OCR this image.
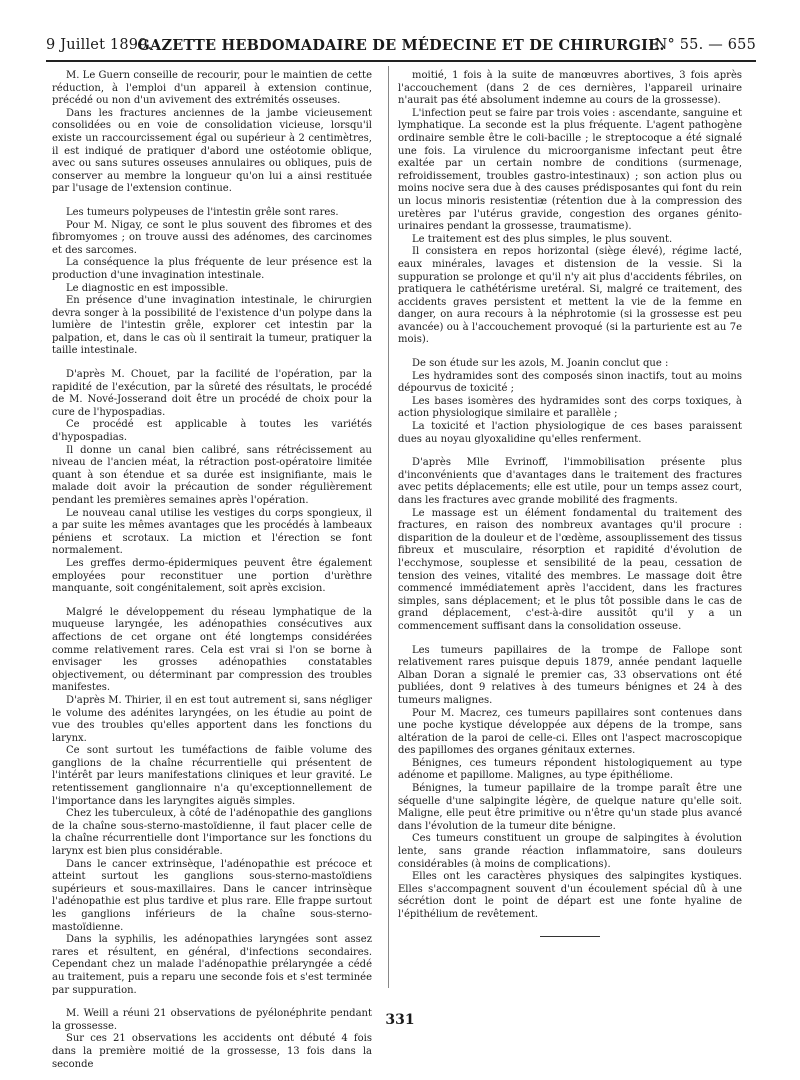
9 Juillet 1899.
GAZETTE HEBDOMADAIRE DE MÉDECINE ET DE CHIRURGIE.
N° 55. — 655

M. Le Guern conseille de recourir, pour le maintien de cette réduction, à l'emploi d'un appareil à extension continue, précédé ou non d'un avivement des extrémités osseuses.

Dans les fractures anciennes de la jambe vicieusement consolidées ou en voie de consolidation vicieuse, lorsqu'il existe un raccourcissement égal ou supérieur à 2 centimètres, il est indiqué de pratiquer d'abord une ostéotomie oblique, avec ou sans sutures osseuses annulaires ou obliques, puis de conserver au membre la longueur qu'on lui a ainsi restituée par l'usage de l'extension continue.

Les tumeurs polypeuses de l'intestin grêle sont rares.

Pour M. Nigay, ce sont le plus souvent des fibromes et des fibromyomes ; on trouve aussi des adénomes, des carcinomes et des sarcomes.

La conséquence la plus fréquente de leur présence est la production d'une invagination intestinale.

Le diagnostic en est impossible.

En présence d'une invagination intestinale, le chirurgien devra songer à la possibilité de l'existence d'un polype dans la lumière de l'intestin grêle, explorer cet intestin par la palpation, et, dans le cas où il sentirait la tumeur, pratiquer la taille intestinale.

D'après M. Chouet, par la facilité de l'opération, par la rapidité de l'exécution, par la sûreté des résultats, le procédé de M. Nové-Josserand doit être un procédé de choix pour la cure de l'hypospadias.

Ce procédé est applicable à toutes les variétés d'hypospadias.

Il donne un canal bien calibré, sans rétrécissement au niveau de l'ancien méat, la rétraction post-opératoire limitée quant à son étendue et sa durée est insignifiante, mais le malade doit avoir la précaution de sonder régulièrement pendant les premières semaines après l'opération.

Le nouveau canal utilise les vestiges du corps spongieux, il a par suite les mêmes avantages que les procédés à lambeaux péniens et scrotaux. La miction et l'érection se font normalement.

Les greffes dermo-épidermiques peuvent être également employées pour reconstituer une portion d'urèthre manquante, soit congénitalement, soit après excision.

Malgré le développement du réseau lymphatique de la muqueuse laryngée, les adénopathies consécutives aux affections de cet organe ont été longtemps considérées comme relativement rares. Cela est vrai si l'on se borne à envisager les grosses adénopathies constatables objectivement, ou déterminant par compression des troubles manifestes.

D'après M. Thirier, il en est tout autrement si, sans négliger le volume des adénites laryngées, on les étudie au point de vue des troubles qu'elles apportent dans les fonctions du larynx.

Ce sont surtout les tuméfactions de faible volume des ganglions de la chaîne récurrentielle qui présentent de l'intérêt par leurs manifestations cliniques et leur gravité. Le retentissement ganglionnaire n'a qu'exceptionnellement de l'importance dans les laryngites aiguës simples.

Chez les tuberculeux, à côté de l'adénopathie des ganglions de la chaîne sous-sterno-mastoïdienne, il faut placer celle de la chaîne récurrentielle dont l'importance sur les fonctions du larynx est bien plus considérable.

Dans le cancer extrinsèque, l'adénopathie est précoce et atteint surtout les ganglions sous-sterno-mastoïdiens supérieurs et sous-maxillaires. Dans le cancer intrinsèque l'adénopathie est plus tardive et plus rare. Elle frappe surtout les ganglions inférieurs de la chaîne sous-sterno-mastoïdienne.

Dans la syphilis, les adénopathies laryngées sont assez rares et résultent, en général, d'infections secondaires. Cependant chez un malade l'adénopathie prélaryngée a cédé au traitement, puis a reparu une seconde fois et s'est terminée par suppuration.

M. Weill a réuni 21 observations de pyélonéphrite pendant la grossesse.

Sur ces 21 observations les accidents ont débuté 4 fois dans la première moitié de la grossesse, 13 fois dans la seconde

moitié, 1 fois à la suite de manœuvres abortives, 3 fois après l'accouchement (dans 2 de ces dernières, l'appareil urinaire n'aurait pas été absolument indemne au cours de la grossesse).

L'infection peut se faire par trois voies : ascendante, sanguine et lymphatique. La seconde est la plus fréquente. L'agent pathogène ordinaire semble être le coli-bacille ; le streptocoque a été signalé une fois. La virulence du microorganisme infectant peut être exaltée par un certain nombre de conditions (surmenage, refroidissement, troubles gastro-intestinaux) ; son action plus ou moins nocive sera due à des causes prédisposantes qui font du rein un locus minoris resistentiæ (rétention due à la compression des uretères par l'utérus gravide, congestion des organes génito-urinaires pendant la grossesse, traumatisme).

Le traitement est des plus simples, le plus souvent.

Il consistera en repos horizontal (siège élevé), régime lacté, eaux minérales, lavages et distension de la vessie. Si la suppuration se prolonge et qu'il n'y ait plus d'accidents fébriles, on pratiquera le cathétérisme uretéral. Si, malgré ce traitement, des accidents graves persistent et mettent la vie de la femme en danger, on aura recours à la néphrotomie (si la grossesse est peu avancée) ou à l'accouchement provoqué (si la parturiente est au 7e mois).

De son étude sur les azols, M. Joanin conclut que :

Les hydramides sont des composés sinon inactifs, tout au moins dépourvus de toxicité ;

Les bases isomères des hydramides sont des corps toxiques, à action physiologique similaire et parallèle ;

La toxicité et l'action physiologique de ces bases paraissent dues au noyau glyoxalidine qu'elles renferment.

D'après Mlle Evrinoff, l'immobilisation présente plus d'inconvénients que d'avantages dans le traitement des fractures avec petits déplacements; elle est utile, pour un temps assez court, dans les fractures avec grande mobilité des fragments.

Le massage est un élément fondamental du traitement des fractures, en raison des nombreux avantages qu'il procure : disparition de la douleur et de l'œdème, assouplissement des tissus fibreux et musculaire, résorption et rapidité d'évolution de l'ecchymose, souplesse et sensibilité de la peau, cessation de tension des veines, vitalité des membres. Le massage doit être commencé immédiatement après l'accident, dans les fractures simples, sans déplacement; et le plus tôt possible dans le cas de grand déplacement, c'est-à-dire aussitôt qu'il y a un commencement suffisant dans la consolidation osseuse.

Les tumeurs papillaires de la trompe de Fallope sont relativement rares puisque depuis 1879, année pendant laquelle Alban Doran a signalé le premier cas, 33 observations ont été publiées, dont 9 relatives à des tumeurs bénignes et 24 à des tumeurs malignes.

Pour M. Macrez, ces tumeurs papillaires sont contenues dans une poche kystique développée aux dépens de la trompe, sans altération de la paroi de celle-ci. Elles ont l'aspect macroscopique des papillomes des organes génitaux externes.

Bénignes, ces tumeurs répondent histologiquement au type adénome et papillome. Malignes, au type épithéliome.

Bénignes, la tumeur papillaire de la trompe paraît être une séquelle d'une salpingite légère, de quelque nature qu'elle soit. Maligne, elle peut être primitive ou n'être qu'un stade plus avancé dans l'évolution de la tumeur dite bénigne.

Ces tumeurs constituent un groupe de salpingites à évolution lente, sans grande réaction inflammatoire, sans douleurs considérables (à moins de complications).

Elles ont les caractères physiques des salpingites kystiques. Elles s'accompagnent souvent d'un écoulement spécial dû à une sécrétion dont le point de départ est une fonte hyaline de l'épithélium de revêtement.

331
